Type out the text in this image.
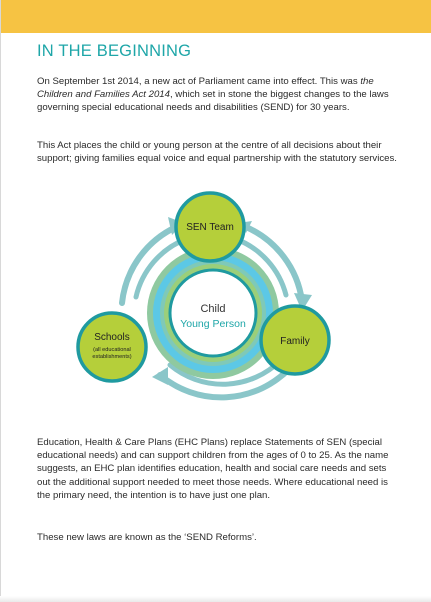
IN THE BEGINNING

On September 1st 2014, a new act of Parliament came into effect. This was the Children and Families Act 2014, which set in stone the biggest changes to the laws governing special educational needs and disabilities (SEND) for 30 years.

This Act places the child or young person at the centre of all decisions about their support; giving families equal voice and equal partnership with the statutory services.

Child
Young Person
SEN Team
Schools
(all educational
establishments)
Family

Education, Health & Care Plans (EHC Plans) replace Statements of SEN (special educational needs) and can support children from the ages of 0 to 25. As the name suggests, an EHC plan identifies education, health and social care needs and sets out the additional support needed to meet those needs. Where educational need is the primary need, the intention is to have just one plan.

These new laws are known as the ‘SEND Reforms’.
